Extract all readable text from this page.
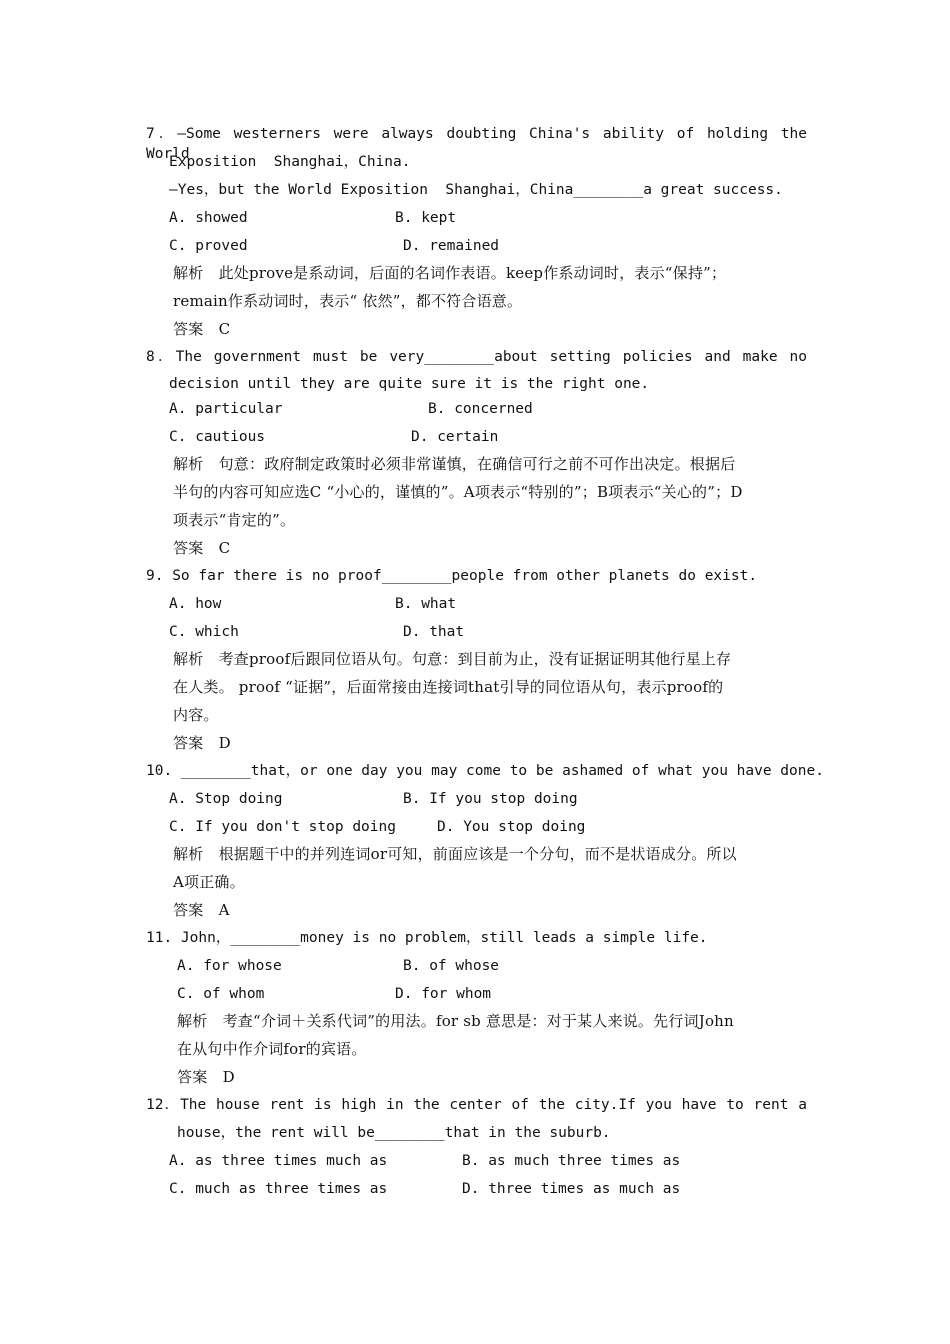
7．—Some westerners were always doubting China's ability of holding the World
Exposition  Shanghai，China.
—Yes，but the World Exposition  Shanghai，China________a great success.
A. showed	B. kept
C. proved	D. remained
解析　此处prove是系动词，后面的名词作表语。keep作系动词时，表示“保持”；
remain作系动词时，表示“ 依然”，都不符合语意。
答案　C
8．The government must be very________about setting policies and make no
decision until they are quite sure it is the right one.
A. particular	B. concerned
C. cautious	D. certain
解析　句意：政府制定政策时必须非常谨慎，在确信可行之前不可作出决定。根据后
半句的内容可知应选C “小心的，谨慎的”。A项表示“特别的”；B项表示“关心的”；D
项表示“肯定的”。
答案　C
9. So far there is no proof________people from other planets do exist.
A. how	B. what
C. which	D. that
解析　考查proof后跟同位语从句。句意：到目前为止，没有证据证明其他行星上存
在人类。 proof “证据”，后面常接由连接词that引导的同位语从句，表示proof的
内容。
答案　D
10. ________that，or one day you may come to be ashamed of what you have done.
A. Stop doing	B. If you stop doing
C. If you don't stop doing	D. You stop doing
解析　根据题干中的并列连词or可知，前面应该是一个分句，而不是状语成分。所以
A项正确。
答案　A
11. John，________money is no problem，still leads a simple life.
A. for whose	B. of whose
C. of whom	D. for whom
解析　考查“介词＋关系代词”的用法。for sb 意思是：对于某人来说。先行词John
在从句中作介词for的宾语。
答案　D
12．The house rent is high in the center of the city.If you have to rent a
house，the rent will be________that in the suburb.
A. as three times much as	B. as much three times as
C. much as three times as	D. three times as much as
